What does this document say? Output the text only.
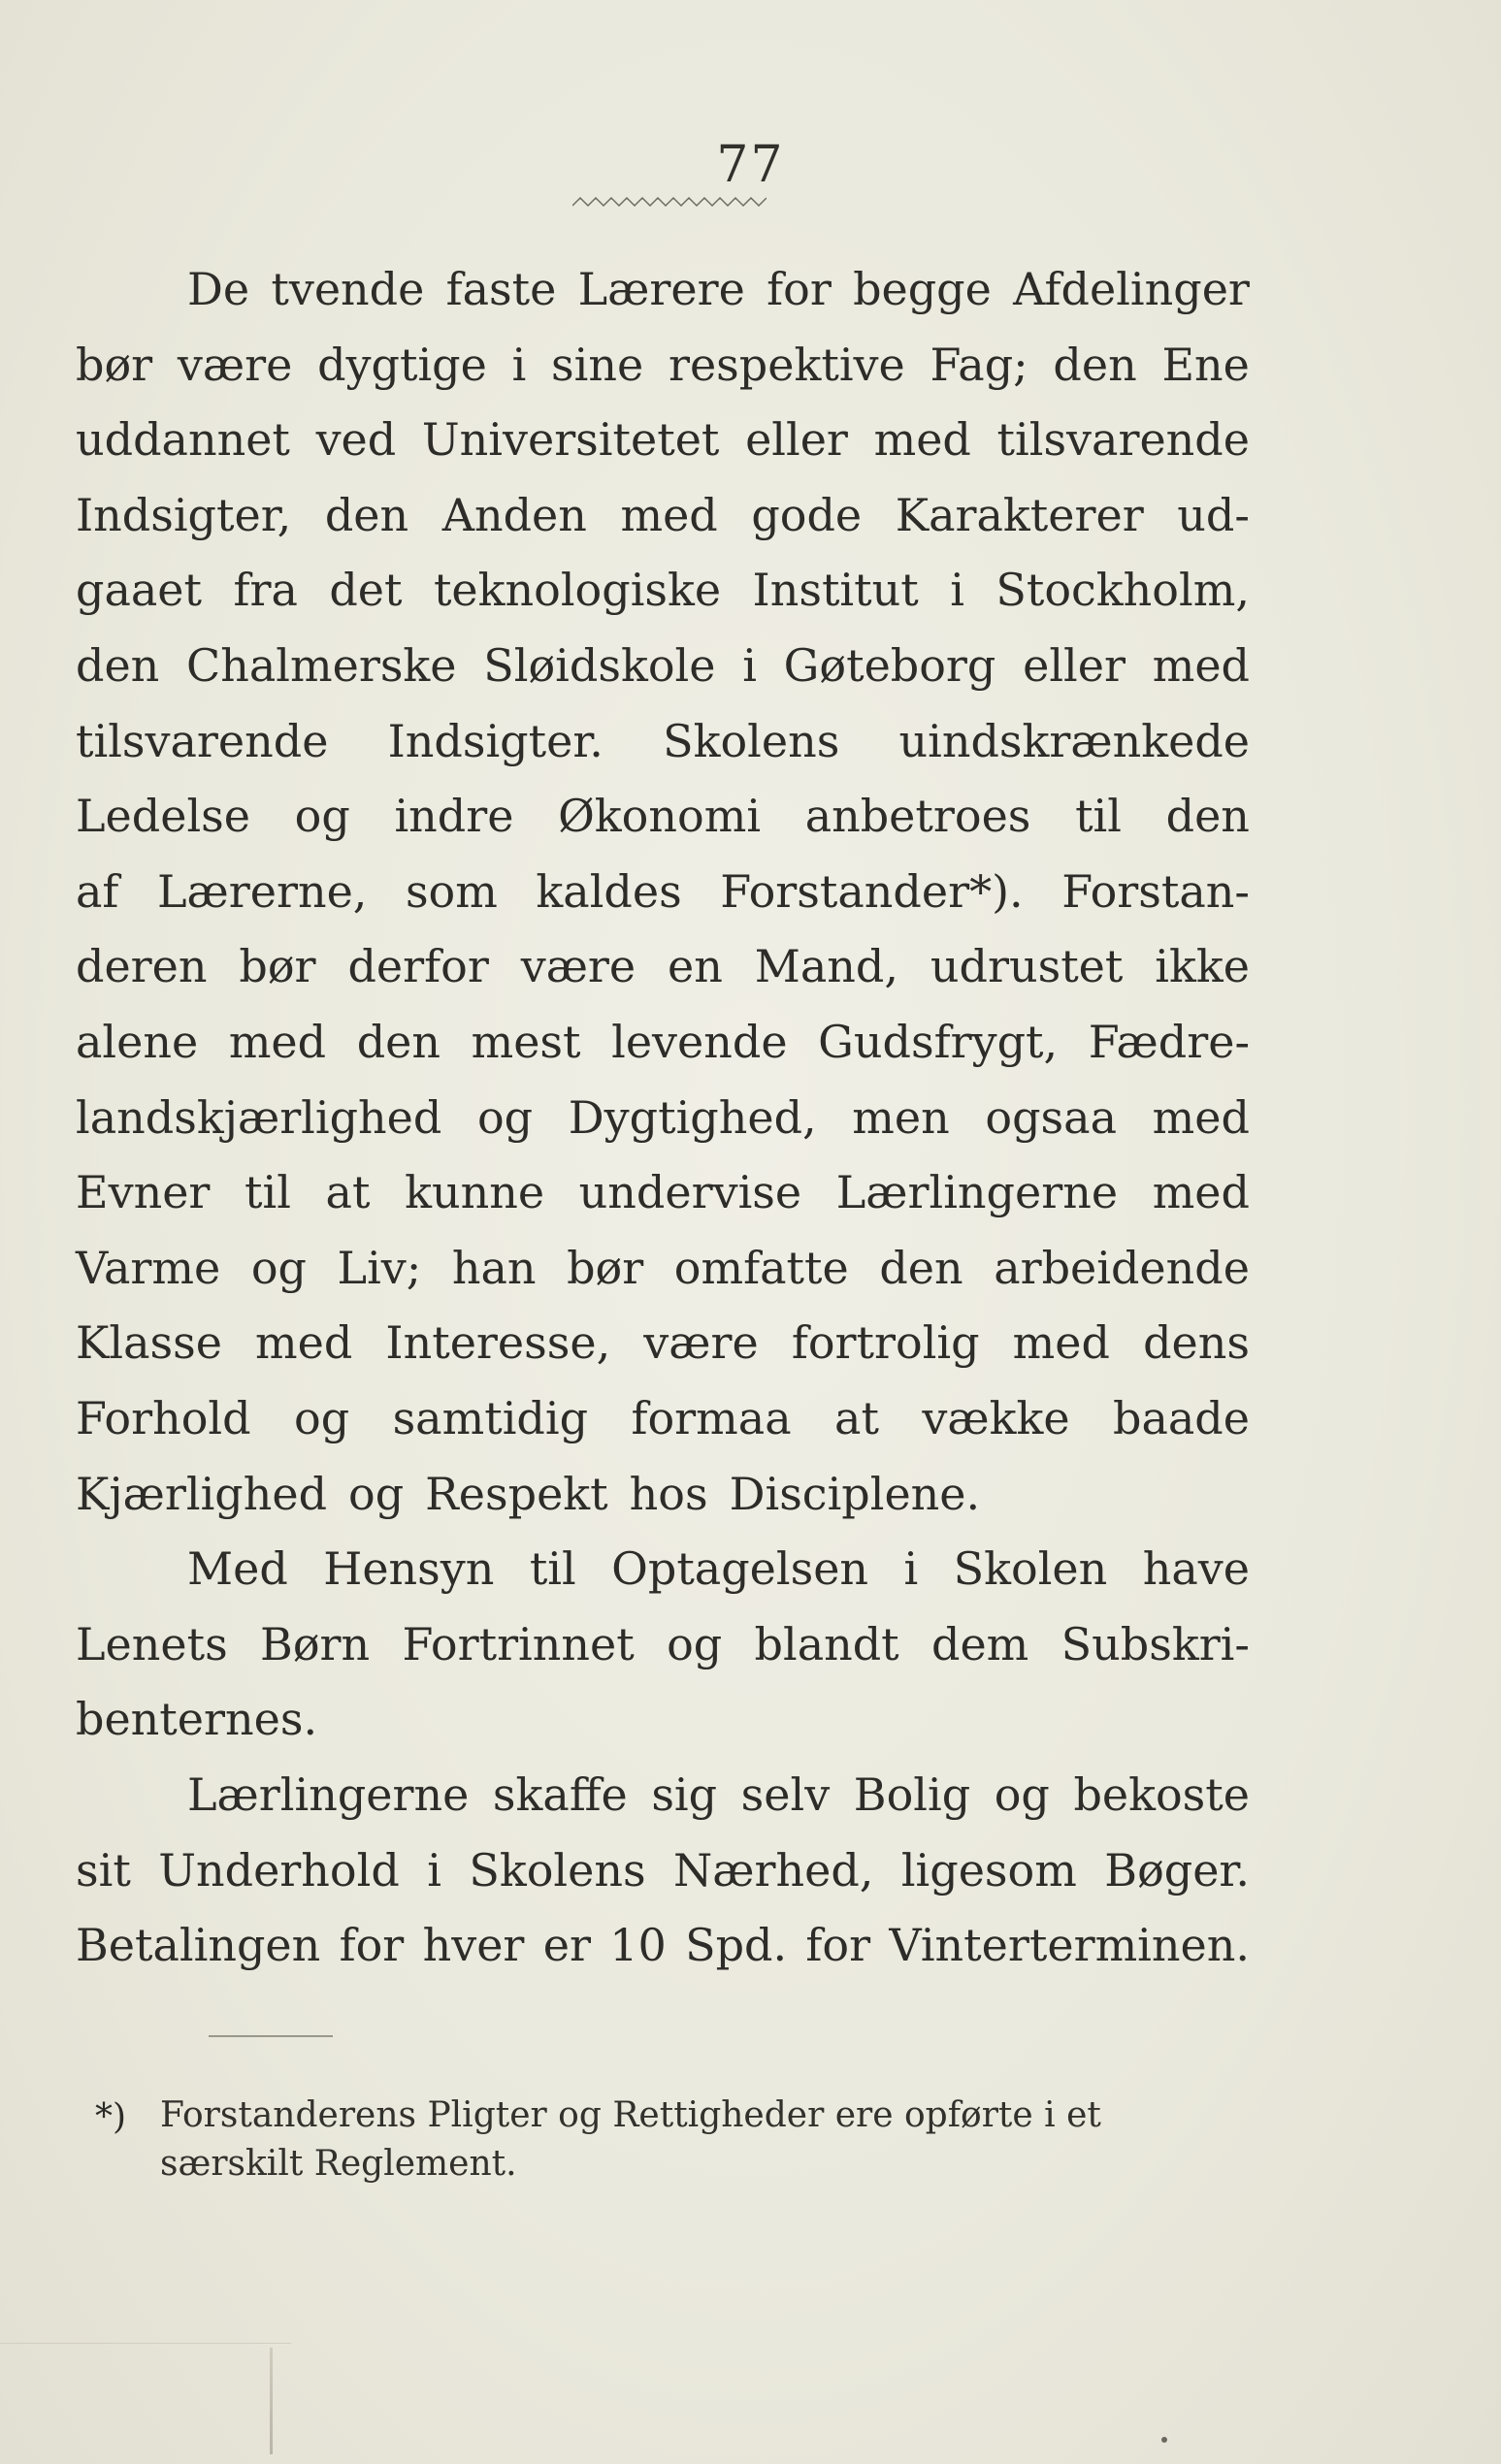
77
De tvende faste Lærere for begge Afdelinger
bør være dygtige i sine respektive Fag; den Ene
uddannet ved Universitetet eller med tilsvarende
Indsigter, den Anden med gode Karakterer ud-
gaaet fra det teknologiske Institut i Stockholm,
den Chalmerske Sløidskole i Gøteborg eller med
tilsvarende Indsigter. Skolens uindskrænkede
Ledelse og indre Økonomi anbetroes til den
af Lærerne, som kaldes Forstander*). Forstan-
deren bør derfor være en Mand, udrustet ikke
alene med den mest levende Gudsfrygt, Fædre-
landskjærlighed og Dygtighed, men ogsaa med
Evner til at kunne undervise Lærlingerne med
Varme og Liv; han bør omfatte den arbeidende
Klasse med Interesse, være fortrolig med dens
Forhold og samtidig formaa at vække baade
Kjærlighed og Respekt hos Disciplene.
Med Hensyn til Optagelsen i Skolen have
Lenets Børn Fortrinnet og blandt dem Subskri-
benternes.
Lærlingerne skaffe sig selv Bolig og bekoste
sit Underhold i Skolens Nærhed, ligesom Bøger.
Betalingen for hver er 10 Spd. for Vinterterminen.
*) Forstanderens Pligter og Rettigheder ere opførte i et
særskilt Reglement.
